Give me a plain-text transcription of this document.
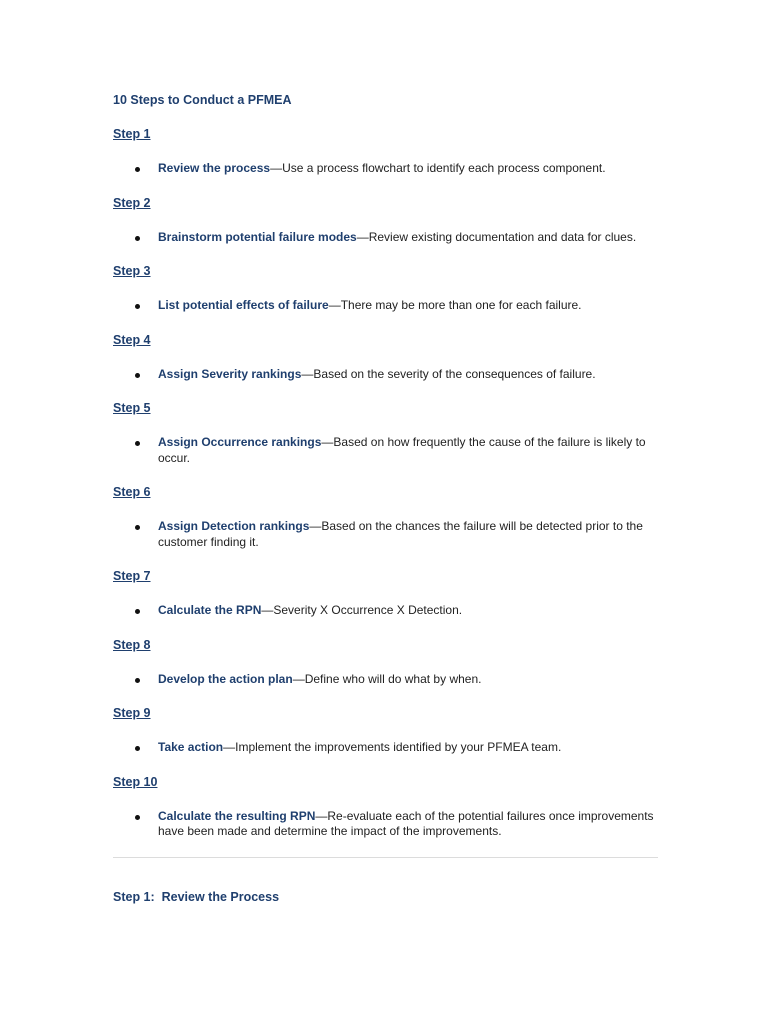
10 Steps to Conduct a PFMEA
Step 1
Review the process—Use a process flowchart to identify each process component.
Step 2
Brainstorm potential failure modes—Review existing documentation and data for clues.
Step 3
List potential effects of failure—There may be more than one for each failure.
Step 4
Assign Severity rankings—Based on the severity of the consequences of failure.
Step 5
Assign Occurrence rankings—Based on how frequently the cause of the failure is likely to occur.
Step 6
Assign Detection rankings—Based on the chances the failure will be detected prior to the customer finding it.
Step 7
Calculate the RPN—Severity X Occurrence X Detection.
Step 8
Develop the action plan—Define who will do what by when.
Step 9
Take action—Implement the improvements identified by your PFMEA team.
Step 10
Calculate the resulting RPN—Re-evaluate each of the potential failures once improvements have been made and determine the impact of the improvements.
Step 1:  Review the Process
